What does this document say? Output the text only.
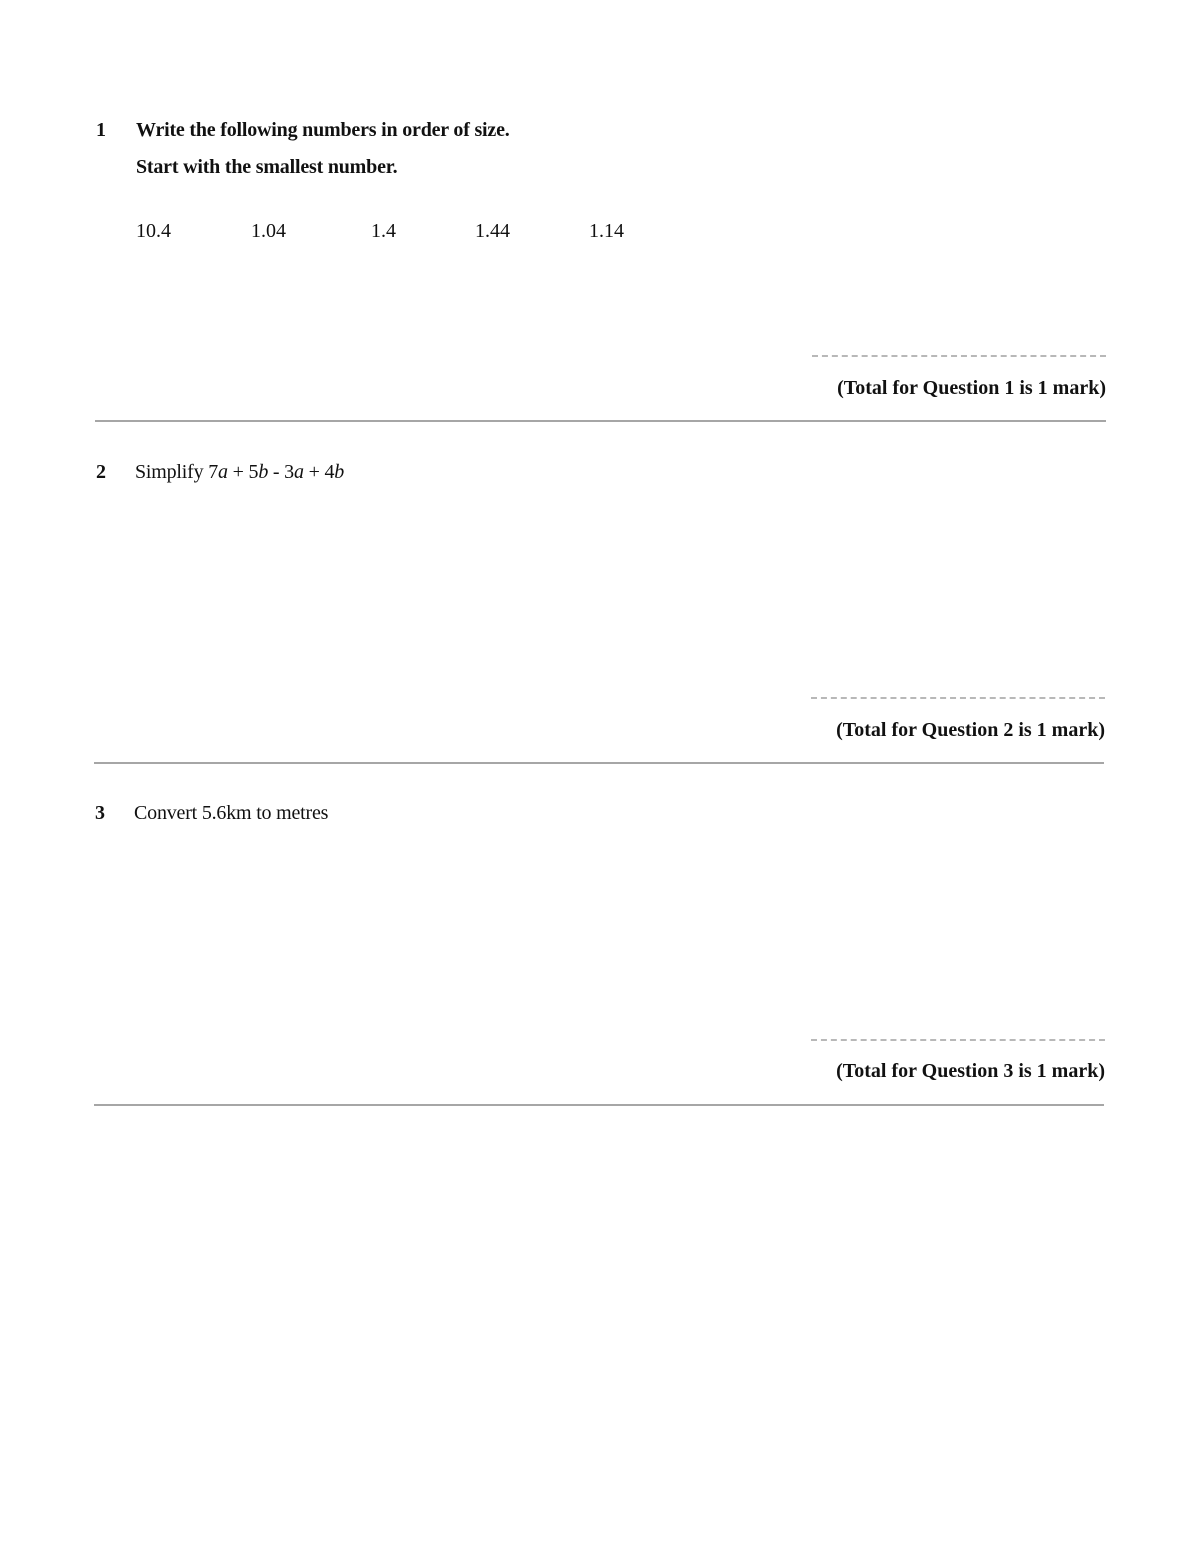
1 Write the following numbers in order of size.
Start with the smallest number.
10.4	1.04	1.4	1.44	1.14
(Total for Question 1 is 1 mark)
2 Simplify 7a + 5b - 3a + 4b
(Total for Question 2 is 1 mark)
3 Convert 5.6km to metres
(Total for Question 3 is 1 mark)
